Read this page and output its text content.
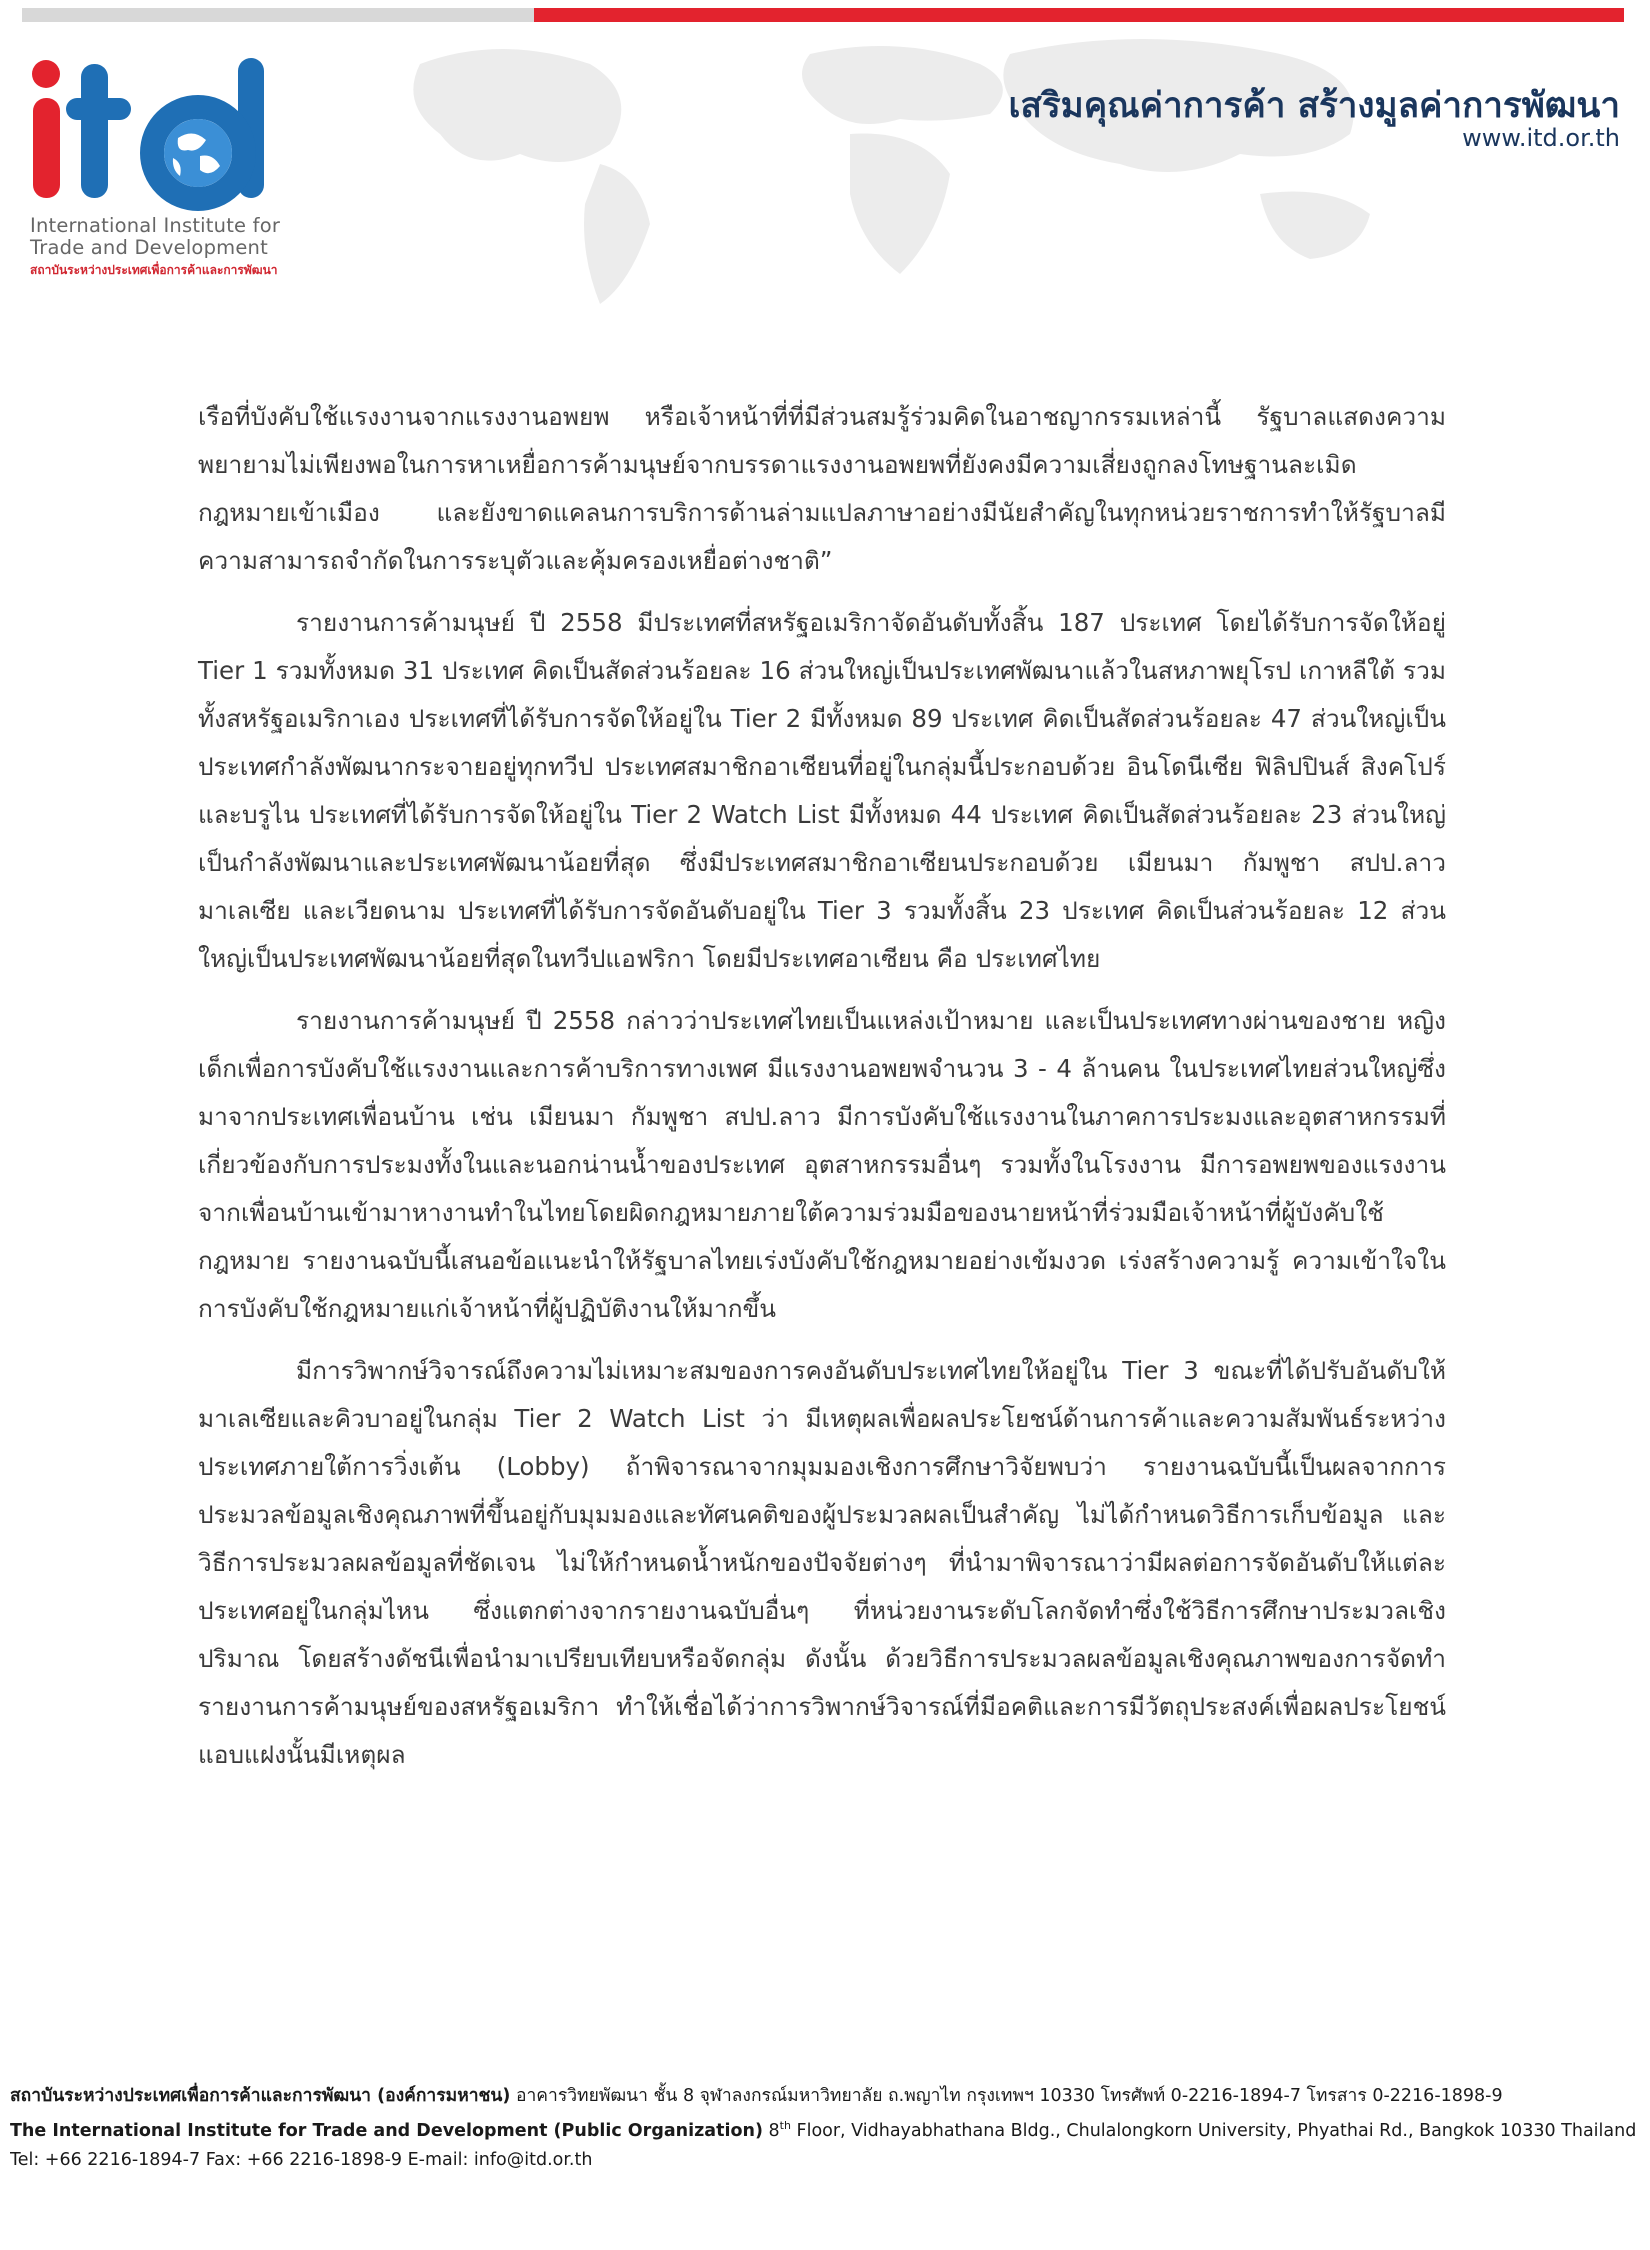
International Institute for
Trade and Development
สถาบันระหว่างประเทศเพื่อการค้าและการพัฒนา
เสริมคุณค่าการค้า สร้างมูลค่าการพัฒนา
www.itd.or.th

เรือที่บังคับใช้แรงงานจากแรงงานอพยพ หรือเจ้าหน้าที่ที่มีส่วนสมรู้ร่วมคิดในอาชญากรรมเหล่านี้ รัฐบาลแสดงความพยายามไม่เพียงพอในการหาเหยื่อการค้ามนุษย์จากบรรดาแรงงานอพยพที่ยังคงมีความเสี่ยงถูกลงโทษฐานละเมิดกฎหมายเข้าเมือง และยังขาดแคลนการบริการด้านล่ามแปลภาษาอย่างมีนัยสำคัญในทุกหน่วยราชการทำให้รัฐบาลมีความสามารถจำกัดในการระบุตัวและคุ้มครองเหยื่อต่างชาติ”

รายงานการค้ามนุษย์ ปี 2558 มีประเทศที่สหรัฐอเมริกาจัดอันดับทั้งสิ้น 187 ประเทศ โดยได้รับการจัดให้อยู่ Tier 1 รวมทั้งหมด 31 ประเทศ คิดเป็นสัดส่วนร้อยละ 16 ส่วนใหญ่เป็นประเทศพัฒนาแล้วในสหภาพยุโรป เกาหลีใต้ รวมทั้งสหรัฐอเมริกาเอง ประเทศที่ได้รับการจัดให้อยู่ใน Tier 2 มีทั้งหมด 89 ประเทศ คิดเป็นสัดส่วนร้อยละ 47 ส่วนใหญ่เป็นประเทศกำลังพัฒนากระจายอยู่ทุกทวีป ประเทศสมาชิกอาเซียนที่อยู่ในกลุ่มนี้ประกอบด้วย อินโดนีเซีย ฟิลิปปินส์ สิงคโปร์ และบรูไน ประเทศที่ได้รับการจัดให้อยู่ใน Tier 2 Watch List มีทั้งหมด 44 ประเทศ คิดเป็นสัดส่วนร้อยละ 23 ส่วนใหญ่เป็นกำลังพัฒนาและประเทศพัฒนาน้อยที่สุด ซึ่งมีประเทศสมาชิกอาเซียนประกอบด้วย เมียนมา กัมพูชา สปป.ลาว มาเลเซีย และเวียดนาม ประเทศที่ได้รับการจัดอันดับอยู่ใน Tier 3 รวมทั้งสิ้น 23 ประเทศ คิดเป็นส่วนร้อยละ 12 ส่วนใหญ่เป็นประเทศพัฒนาน้อยที่สุดในทวีปแอฟริกา โดยมีประเทศอาเซียน คือ ประเทศไทย

รายงานการค้ามนุษย์ ปี 2558 กล่าวว่าประเทศไทยเป็นแหล่งเป้าหมาย และเป็นประเทศทางผ่านของชาย หญิง เด็กเพื่อการบังคับใช้แรงงานและการค้าบริการทางเพศ มีแรงงานอพยพจำนวน 3 - 4 ล้านคน ในประเทศไทยส่วนใหญ่ซึ่งมาจากประเทศเพื่อนบ้าน เช่น เมียนมา กัมพูชา สปป.ลาว มีการบังคับใช้แรงงานในภาคการประมงและอุตสาหกรรมที่เกี่ยวข้องกับการประมงทั้งในและนอกน่านน้ำของประเทศ อุตสาหกรรมอื่นๆ รวมทั้งในโรงงาน มีการอพยพของแรงงานจากเพื่อนบ้านเข้ามาหางานทำในไทยโดยผิดกฎหมายภายใต้ความร่วมมือของนายหน้าที่ร่วมมือเจ้าหน้าที่ผู้บังคับใช้กฎหมาย รายงานฉบับนี้เสนอข้อแนะนำให้รัฐบาลไทยเร่งบังคับใช้กฎหมายอย่างเข้มงวด เร่งสร้างความรู้ ความเข้าใจในการบังคับใช้กฎหมายแก่เจ้าหน้าที่ผู้ปฏิบัติงานให้มากขึ้น

มีการวิพากษ์วิจารณ์ถึงความไม่เหมาะสมของการคงอันดับประเทศไทยให้อยู่ใน Tier 3 ขณะที่ได้ปรับอันดับให้มาเลเซียและคิวบาอยู่ในกลุ่ม Tier 2 Watch List ว่า มีเหตุผลเพื่อผลประโยชน์ด้านการค้าและความสัมพันธ์ระหว่างประเทศภายใต้การวิ่งเต้น (Lobby) ถ้าพิจารณาจากมุมมองเชิงการศึกษาวิจัยพบว่า รายงานฉบับนี้เป็นผลจากการประมวลข้อมูลเชิงคุณภาพที่ขึ้นอยู่กับมุมมองและทัศนคติของผู้ประมวลผลเป็นสำคัญ ไม่ได้กำหนดวิธีการเก็บข้อมูล และวิธีการประมวลผลข้อมูลที่ชัดเจน ไม่ให้กำหนดน้ำหนักของปัจจัยต่างๆ ที่นำมาพิจารณาว่ามีผลต่อการจัดอันดับให้แต่ละประเทศอยู่ในกลุ่มไหน ซึ่งแตกต่างจากรายงานฉบับอื่นๆ ที่หน่วยงานระดับโลกจัดทำซึ่งใช้วิธีการศึกษาประมวลเชิงปริมาณ โดยสร้างดัชนีเพื่อนำมาเปรียบเทียบหรือจัดกลุ่ม ดังนั้น ด้วยวิธีการประมวลผลข้อมูลเชิงคุณภาพของการจัดทำรายงานการค้ามนุษย์ของสหรัฐอเมริกา ทำให้เชื่อได้ว่าการวิพากษ์วิจารณ์ที่มีอคติและการมีวัตถุประสงค์เพื่อผลประโยชน์แอบแฝงนั้นมีเหตุผล

สถาบันระหว่างประเทศเพื่อการค้าและการพัฒนา (องค์การมหาชน) อาคารวิทยพัฒนา ชั้น 8 จุฬาลงกรณ์มหาวิทยาลัย ถ.พญาไท กรุงเทพฯ 10330 โทรศัพท์ 0-2216-1894-7 โทรสาร 0-2216-1898-9
The International Institute for Trade and Development (Public Organization) 8th Floor, Vidhayabhathana Bldg., Chulalongkorn University, Phyathai Rd., Bangkok 10330 Thailand
Tel: +66 2216-1894-7 Fax: +66 2216-1898-9 E-mail: info@itd.or.th
